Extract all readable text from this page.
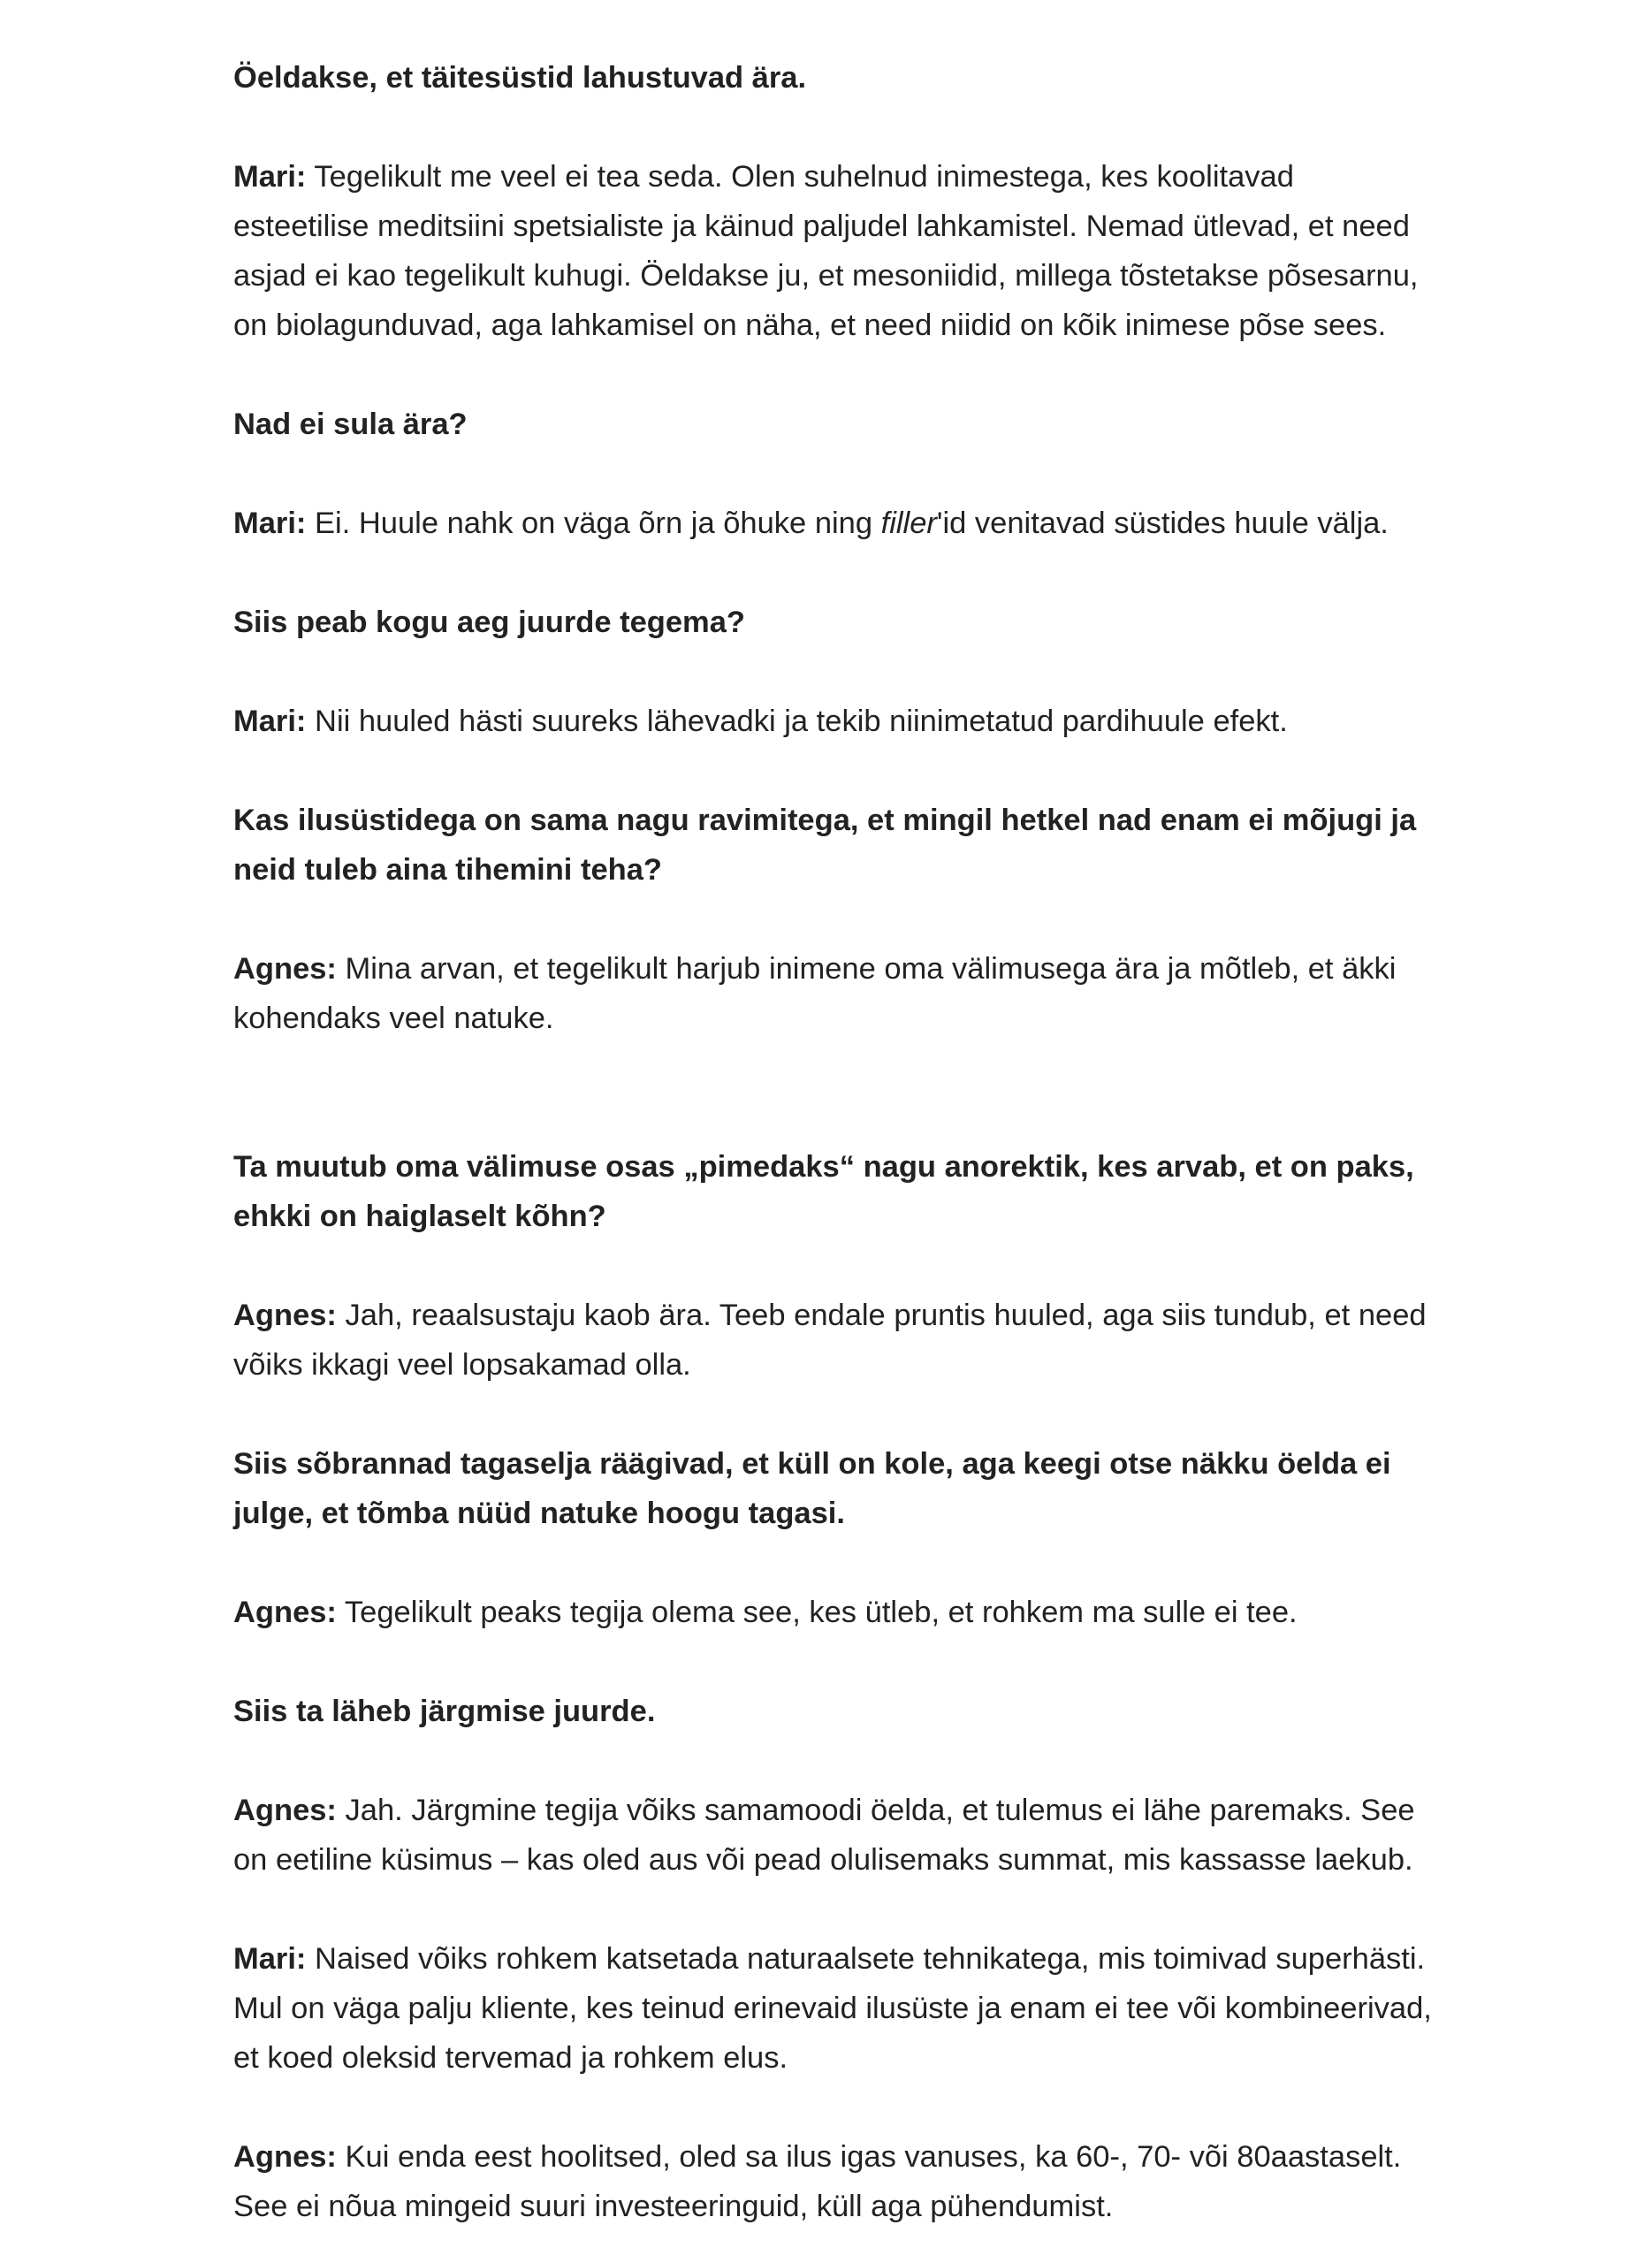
Öeldakse, et täitesüstid lahustuvad ära.

Mari: Tegelikult me veel ei tea seda. Olen suhelnud inimestega, kes koolitavad esteetilise meditsiini spetsialiste ja käinud paljudel lahkamistel. Nemad ütlevad, et need asjad ei kao tegelikult kuhugi. Öeldakse ju, et mesoniidid, millega tõstetakse põsesarnu, on biolagunduvad, aga lahkamisel on näha, et need niidid on kõik inimese põse sees.

Nad ei sula ära?

Mari: Ei. Huule nahk on väga õrn ja õhuke ning filler'id venitavad süstides huule välja.

Siis peab kogu aeg juurde tegema?

Mari: Nii huuled hästi suureks lähevadki ja tekib niinimetatud pardihuule efekt.

Kas ilusüstidega on sama nagu ravimitega, et mingil hetkel nad enam ei mõjugi ja neid tuleb aina tihemini teha?

Agnes: Mina arvan, et tegelikult harjub inimene oma välimusega ära ja mõtleb, et äkki kohendaks veel natuke.

Ta muutub oma välimuse osas „pimedaks“ nagu anorektik, kes arvab, et on paks, ehkki on haiglaselt kõhn?

Agnes: Jah, reaalsustaju kaob ära. Teeb endale pruntis huuled, aga siis tundub, et need võiks ikkagi veel lopsakamad olla.

Siis sõbrannad tagaselja räägivad, et küll on kole, aga keegi otse näkku öelda ei julge, et tõmba nüüd natuke hoogu tagasi.

Agnes: Tegelikult peaks tegija olema see, kes ütleb, et rohkem ma sulle ei tee.

Siis ta läheb järgmise juurde.

Agnes: Jah. Järgmine tegija võiks samamoodi öelda, et tulemus ei lähe paremaks. See on eetiline küsimus – kas oled aus või pead olulisemaks summat, mis kassasse laekub.

Mari: Naised võiks rohkem katsetada naturaalsete tehnikatega, mis toimivad superhästi. Mul on väga palju kliente, kes teinud erinevaid ilusüste ja enam ei tee või kombineerivad, et koed oleksid tervemad ja rohkem elus.

Agnes: Kui enda eest hoolitsed, oled sa ilus igas vanuses, ka 60-, 70- või 80aastaselt. See ei nõua mingeid suuri investeeringuid, küll aga pühendumist.
